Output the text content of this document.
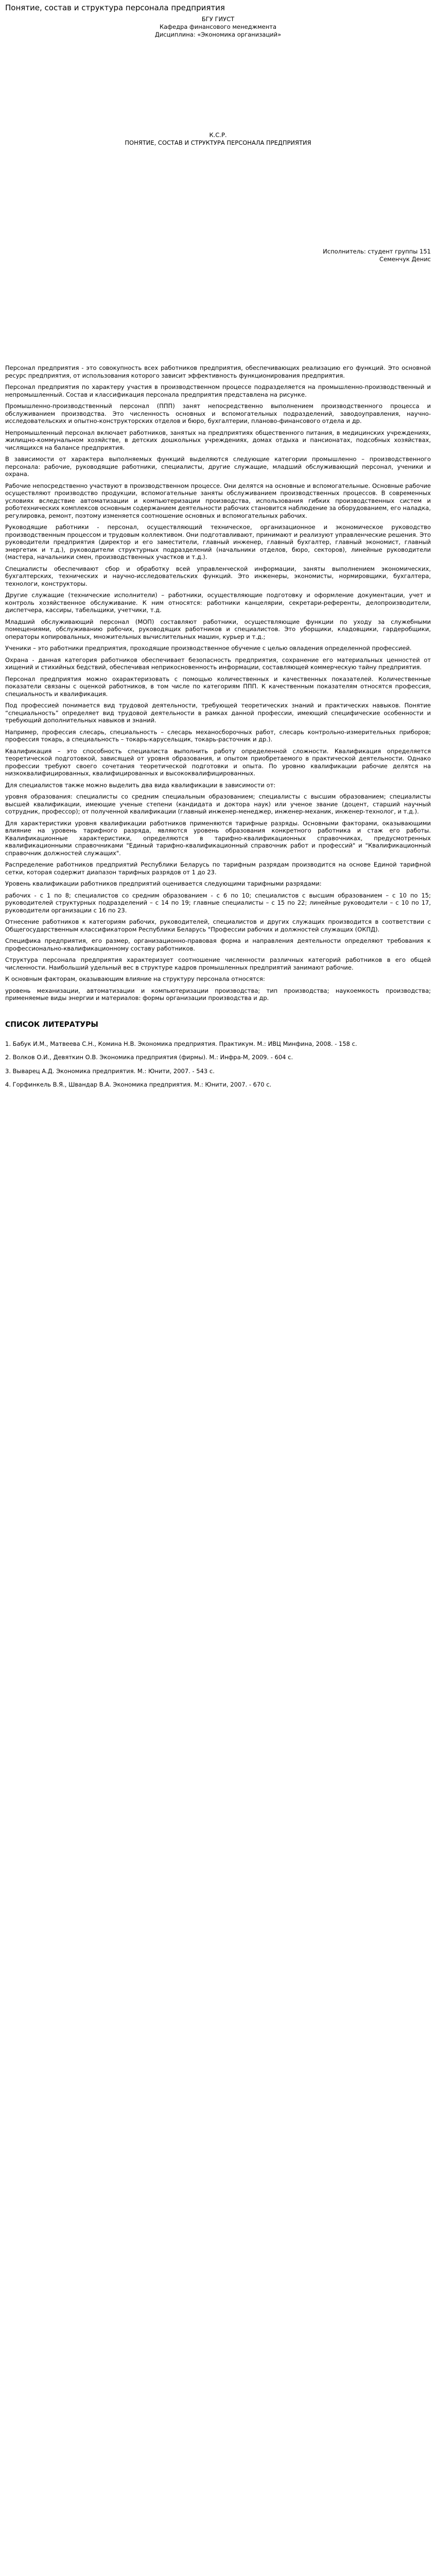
Понятие, состав и структура персонала предприятия
БГУ ГИУСТ
Кафедра финансового менеджмента
Дисциплина: «Экономика организаций»
К.С.Р.
ПОНЯТИЕ, СОСТАВ И СТРУКТУРА ПЕРСОНАЛА ПРЕДПРИЯТИЯ
Исполнитель: студент группы 151
Семенчук Денис

Персонал предприятия - это совокупность всех работников предприятия, обеспечивающих реализацию его функций. Это основной ресурс предприятия, от использования которого зависит эффективность функционирования предприятия.

Персонал предприятия по характеру участия в производственном процессе подразделяется на промышленно-производственный и непромышленный. Состав и классификация персонала предприятия представлена на рисунке.

Промышленно-производственный персонал (ППП) занят непосредственно выполнением производственного процесса и обслуживанием производства. Это численность основных и вспомогательных подразделений, заводоуправления, научно-исследовательских и опытно-конструкторских отделов и бюро, бухгалтерии, планово-финансового отдела и др.

Непромышленный персонал включает работников, занятых на предприятиях общественного питания, в медицинских учреждениях, жилищно-коммунальном хозяйстве, в детских дошкольных учреждениях, домах отдыха и пансионатах, подсобных хозяйствах, числящихся на балансе предприятия.

В зависимости от характера выполняемых функций выделяются следующие категории промышленно – производственного персонала: рабочие, руководящие работники, специалисты, другие служащие, младший обслуживающий персонал, ученики и охрана.

Рабочие непосредственно участвуют в производственном процессе. Они делятся на основные и вспомогательные. Основные рабочие осуществляют производство продукции, вспомогательные заняты обслуживанием производственных процессов. В современных условиях вследствие автоматизации и компьютеризации производства, использования гибких производственных систем и роботехнических комплексов основным содержанием деятельности рабочих становится наблюдение за оборудованием, его наладка, регулировка, ремонт, поэтому изменяется соотношение основных и вспомогательных рабочих.

Руководящие работники - персонал, осуществляющий техническое, организационное и экономическое руководство производственным процессом и трудовым коллективом. Они подготавливают, принимают и реализуют управленческие решения. Это руководители предприятия (директор и его заместители, главный инженер, главный бухгалтер, главный экономист, главный энергетик и т.д.), руководители структурных подразделений (начальники отделов, бюро, секторов), линейные руководители (мастера, начальники смен, производственных участков и т.д.).

Специалисты обеспечивают сбор и обработку всей управленческой информации, заняты выполнением экономических, бухгалтерских, технических и научно-исследовательских функций. Это инженеры, экономисты, нормировщики, бухгалтера, технологи, конструкторы.

Другие служащие (технические исполнители) – работники, осуществляющие подготовку и оформление документации, учет и контроль хозяйственное обслуживание. К ним относятся: работники канцелярии, секретари-референты, делопроизводители, диспетчера, кассиры, табельщики, учетчики, т.д.

Младший обслуживающий персонал (МОП) составляют работники, осуществляющие функции по уходу за служебными помещениями, обслуживанию рабочих, руководящих работников и специалистов. Это уборщики, кладовщики, гардеробщики, операторы копировальных, множительных вычислительных машин, курьер и т.д.;

Ученики – это работники предприятия, проходящие производственное обучение с целью овладения определенной профессией.

Охрана - данная категория работников обеспечивает безопасность предприятия, сохранение его материальных ценностей от хищений и стихийных бедствий, обеспечивая неприкосновенность информации, составляющей коммерческую тайну предприятия.

Персонал предприятия можно охарактеризовать с помощью количественных и качественных показателей. Количественные показатели связаны с оценкой работников, в том числе по категориям ППП. К качественным показателям относятся профессия, специальность и квалификация.

Под профессией понимается вид трудовой деятельности, требующей теоретических знаний и практических навыков. Понятие “специальность” определяет вид трудовой деятельности в рамках данной профессии, имеющий специфические особенности и требующий дополнительных навыков и знаний.

Например, профессия слесарь, специальность – слесарь механосборочных работ, слесарь контрольно-измерительных приборов; профессия токарь, а специальность – токарь-карусельщик, токарь-расточник и др.).

Квалификация – это способность специалиста выполнить работу определенной сложности. Квалификация определяется теоретической подготовкой, зависящей от уровня образования, и опытом приобретаемого в практической деятельности. Однако профессии требуют своего сочетания теоретической подготовки и опыта. По уровню квалификации рабочие делятся на низкоквалифицированных, квалифицированных и высококвалифицированных.

Для специалистов также можно выделить два вида квалификации в зависимости от:

уровня образования: специалисты со средним специальным образованием; специалисты с высшим образованием; специалисты высшей квалификации, имеющие ученые степени (кандидата и доктора наук) или ученое звание (доцент, старший научный сотрудник, профессор); от полученной квалификации (главный инженер-менеджер, инженер-механик, инженер-технолог, и т.д.).

Для характеристики уровня квалификации работников применяются тарифные разряды. Основными факторами, оказывающими влияние на уровень тарифного разряда, являются уровень образования конкретного работника и стаж его работы. Квалификационные характеристики, определяются в тарифно-квалификационных справочниках, предусмотренных квалификационными справочниками "Единый тарифно-квалификационный справочник работ и профессий" и "Квалификационный справочник должностей служащих".

Распределение работников предприятий Республики Беларусь по тарифным разрядам производится на основе Единой тарифной сетки, которая содержит диапазон тарифных разрядов от 1 до 23.

Уровень квалификации работников предприятий оценивается следующими тарифными разрядами:

рабочих - с 1 по 8; специалистов со средним образованием - с 6 по 10; специалистов с высшим образованием – с 10 по 15; руководителей структурных подразделений – с 14 по 19; главные специалисты – с 15 по 22; линейные руководители – с 10 по 17, руководители организации с 16 по 23.

Отнесение работников к категориям рабочих, руководителей, специалистов и других служащих производится в соответствии с Общегосударственным классификатором Республики Беларусь "Профессии рабочих и должностей служащих (ОКПД).

Специфика предприятия, его размер, организационно-правовая форма и направления деятельности определяют требования к профессионально-квалификационному составу работников.

Структура персонала предприятия характеризует соотношение численности различных категорий работников в его общей численности. Наибольший удельный вес в структуре кадров промышленных предприятий занимают рабочие.

К основным факторам, оказывающим влияние на структуру персонала относятся:

уровень механизации, автоматизации и компьютеризации производства; тип производства; наукоемкость производства; применяемые виды энергии и материалов: формы организации производства и др.

СПИСОК ЛИТЕРАТУРЫ

1. Бабук И.М., Матвеева С.Н., Комина Н.В. Экономика предприятия. Практикум. М.: ИВЦ Минфина, 2008. - 158 с.

2. Волков О.И., Девяткин О.В. Экономика предприятия (фирмы). М.: Инфра-М, 2009. - 604 с.

3. Выварец А.Д. Экономика предприятия. М.: Юнити, 2007. - 543 с.

4. Горфинкель В.Я., Швандар В.А. Экономика предприятия. М.: Юнити, 2007. - 670 с.
